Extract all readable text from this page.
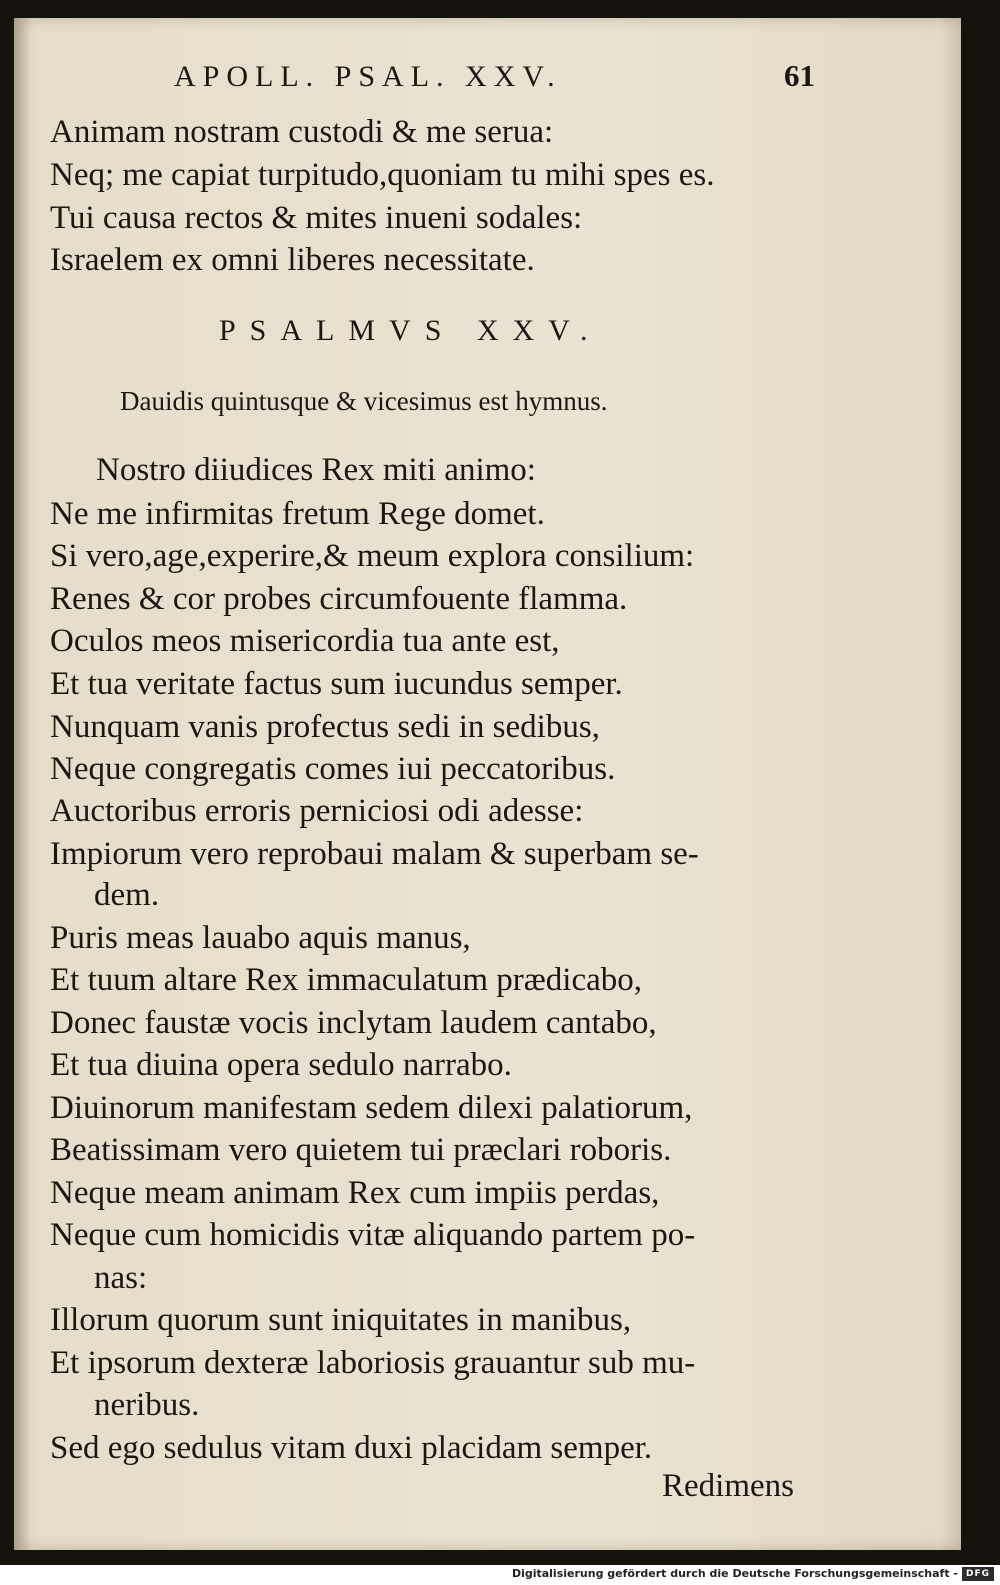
APOLL. PSAL. XXV.	61
Animam nostram custodi & me serua:
Neq; me capiat turpitudo,quoniam tu mihi spes es.
Tui causa rectos & mites inueni sodales:
Israelem ex omni liberes necessitate.
PSALMVS XXV.
Dauidis quintusque & vicesimus est hymnus.
Nostro diiudices Rex miti animo:
Ne me infirmitas fretum Rege domet.
Si vero,age,experire,& meum explora consilium:
Renes & cor probes circumfouente flamma.
Oculos meos misericordia tua ante est,
Et tua veritate factus sum iucundus semper.
Nunquam vanis profectus sedi in sedibus,
Neque congregatis comes iui peccatoribus.
Auctoribus erroris perniciosi odi adesse:
Impiorum vero reprobaui malam & superbam se-
dem.
Puris meas lauabo aquis manus,
Et tuum altare Rex immaculatum prædicabo,
Donec faustæ vocis inclytam laudem cantabo,
Et tua diuina opera sedulo narrabo.
Diuinorum manifestam sedem dilexi palatiorum,
Beatissimam vero quietem tui præclari roboris.
Neque meam animam Rex cum impiis perdas,
Neque cum homicidis vitæ aliquando partem po-
nas:
Illorum quorum sunt iniquitates in manibus,
Et ipsorum dexteræ laboriosis grauantur sub mu-
neribus.
Sed ego sedulus vitam duxi placidam semper.
Redimens
Digitalisierung gefördert durch die Deutsche Forschungsgemeinschaft - DFG
